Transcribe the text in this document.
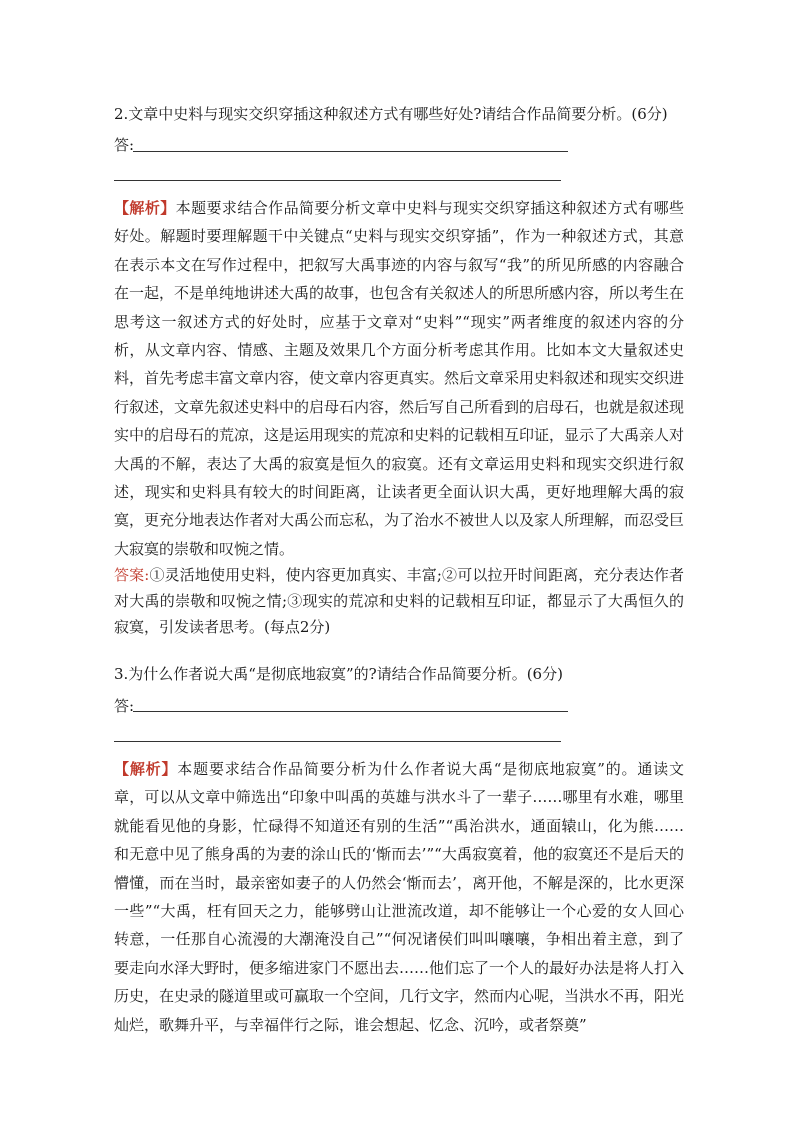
2.文章中史料与现实交织穿插这种叙述方式有哪些好处?请结合作品简要分析。(6分)
答:
【解析】本题要求结合作品简要分析文章中史料与现实交织穿插这种叙述方式有哪些好处。解题时要理解题干中关键点“史料与现实交织穿插”，作为一种叙述方式，其意在表示本文在写作过程中，把叙写大禹事迹的内容与叙写“我”的所见所感的内容融合在一起，不是单纯地讲述大禹的故事，也包含有关叙述人的所思所感内容，所以考生在思考这一叙述方式的好处时，应基于文章对“史料”“现实”两者维度的叙述内容的分析，从文章内容、情感、主题及效果几个方面分析考虑其作用。比如本文大量叙述史料，首先考虑丰富文章内容，使文章内容更真实。然后文章采用史料叙述和现实交织进行叙述，文章先叙述史料中的启母石内容，然后写自己所看到的启母石，也就是叙述现实中的启母石的荒凉，这是运用现实的荒凉和史料的记载相互印证，显示了大禹亲人对大禹的不解，表达了大禹的寂寞是恒久的寂寞。还有文章运用史料和现实交织进行叙述，现实和史料具有较大的时间距离，让读者更全面认识大禹，更好地理解大禹的寂寞，更充分地表达作者对大禹公而忘私，为了治水不被世人以及家人所理解，而忍受巨大寂寞的崇敬和叹惋之情。
答案:①灵活地使用史料，使内容更加真实、丰富;②可以拉开时间距离，充分表达作者对大禹的崇敬和叹惋之情;③现实的荒凉和史料的记载相互印证，都显示了大禹恒久的寂寞，引发读者思考。(每点2分)
3.为什么作者说大禹“是彻底地寂寞”的?请结合作品简要分析。(6分)
答:
【解析】本题要求结合作品简要分析为什么作者说大禹“是彻底地寂寞”的。通读文章，可以从文章中筛选出“印象中叫禹的英雄与洪水斗了一辈子……哪里有水难，哪里就能看见他的身影，忙碌得不知道还有别的生活”“禹治洪水，通面辕山，化为熊……和无意中见了熊身禹的为妻的涂山氏的‘惭而去’”“大禹寂寞着，他的寂寞还不是后天的懵懂，而在当时，最亲密如妻子的人仍然会‘惭而去’，离开他，不解是深的，比水更深一些”“大禹，枉有回天之力，能够劈山让泄流改道，却不能够让一个心爱的女人回心转意，一任那自心流漫的大潮淹没自己”“何况诸侯们叫叫嚷嚷，争相出着主意，到了要走向水泽大野时，便多缩进家门不愿出去……他们忘了一个人的最好办法是将人打入历史，在史录的隧道里或可赢取一个空间，几行文字，然而内心呢，当洪水不再，阳光灿烂，歌舞升平，与幸福伴行之际，谁会想起、忆念、沉吟，或者祭奠”
